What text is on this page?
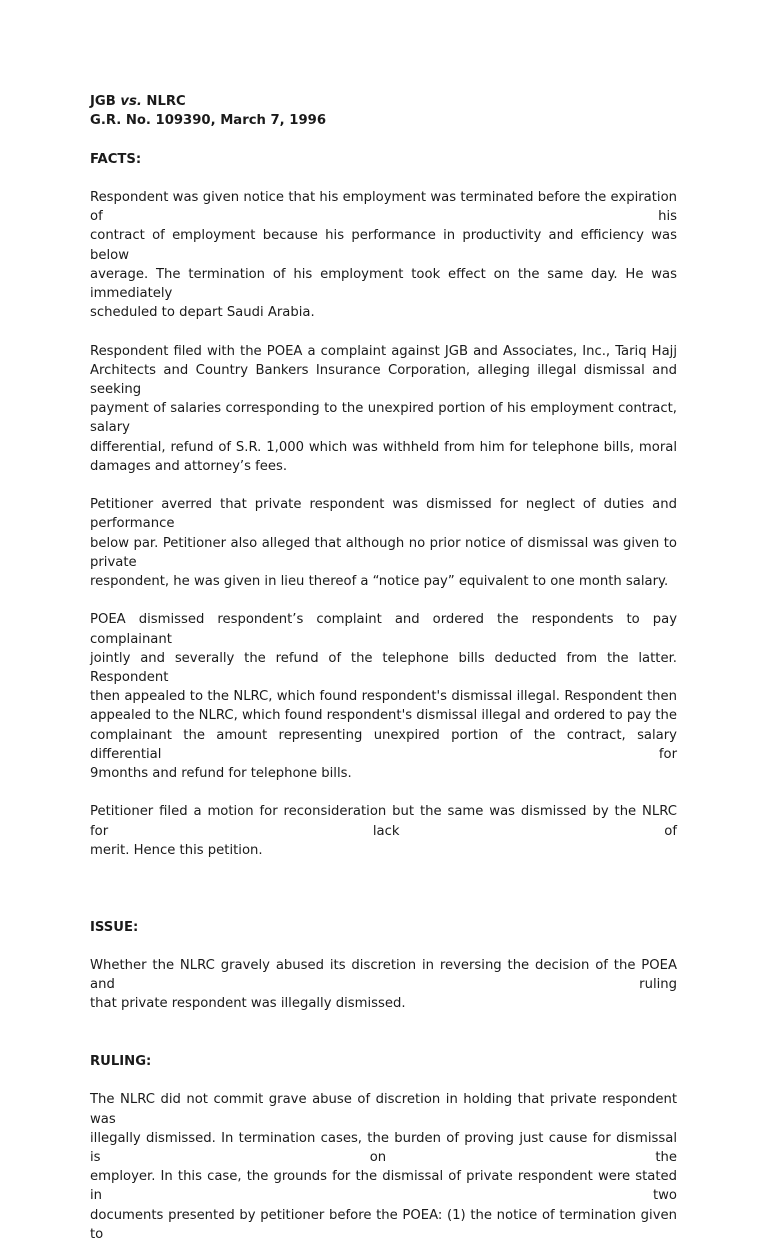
JGB vs. NLRC
G.R. No. 109390, March 7, 1996
FACTS:
Respondent was given notice that his employment was terminated before the expiration of his
contract of employment because his performance in productivity and efficiency was below
average. The termination of his employment took effect on the same day. He was immediately
scheduled to depart Saudi Arabia.
Respondent filed with the POEA a complaint against JGB and Associates, Inc., Tariq Hajj
Architects and Country Bankers Insurance Corporation, alleging illegal dismissal and seeking
payment of salaries corresponding to the unexpired portion of his employment contract, salary
differential, refund of S.R. 1,000 which was withheld from him for telephone bills, moral
damages and attorney’s fees.
Petitioner averred that private respondent was dismissed for neglect of duties and performance
below par. Petitioner also alleged that although no prior notice of dismissal was given to private
respondent, he was given in lieu thereof a “notice pay” equivalent to one month salary.
POEA dismissed respondent’s complaint and ordered the respondents to pay complainant
jointly and severally the refund of the telephone bills deducted from the latter. Respondent
then appealed to the NLRC, which found respondent's dismissal illegal. Respondent then
appealed to the NLRC, which found respondent's dismissal illegal and ordered to pay the
complainant the amount representing unexpired portion of the contract, salary differential for
9months and refund for telephone bills.
Petitioner filed a motion for reconsideration but the same was dismissed by the NLRC for lack of
merit. Hence this petition.
ISSUE:
Whether the NLRC gravely abused its discretion in reversing the decision of the POEA and ruling
that private respondent was illegally dismissed.
RULING:
The NLRC did not commit grave abuse of discretion in holding that private respondent was
illegally dismissed. In termination cases, the burden of proving just cause for dismissal is on the
employer. In this case, the grounds for the dismissal of private respondent were stated in two
documents presented by petitioner before the POEA: (1) the notice of termination given to
